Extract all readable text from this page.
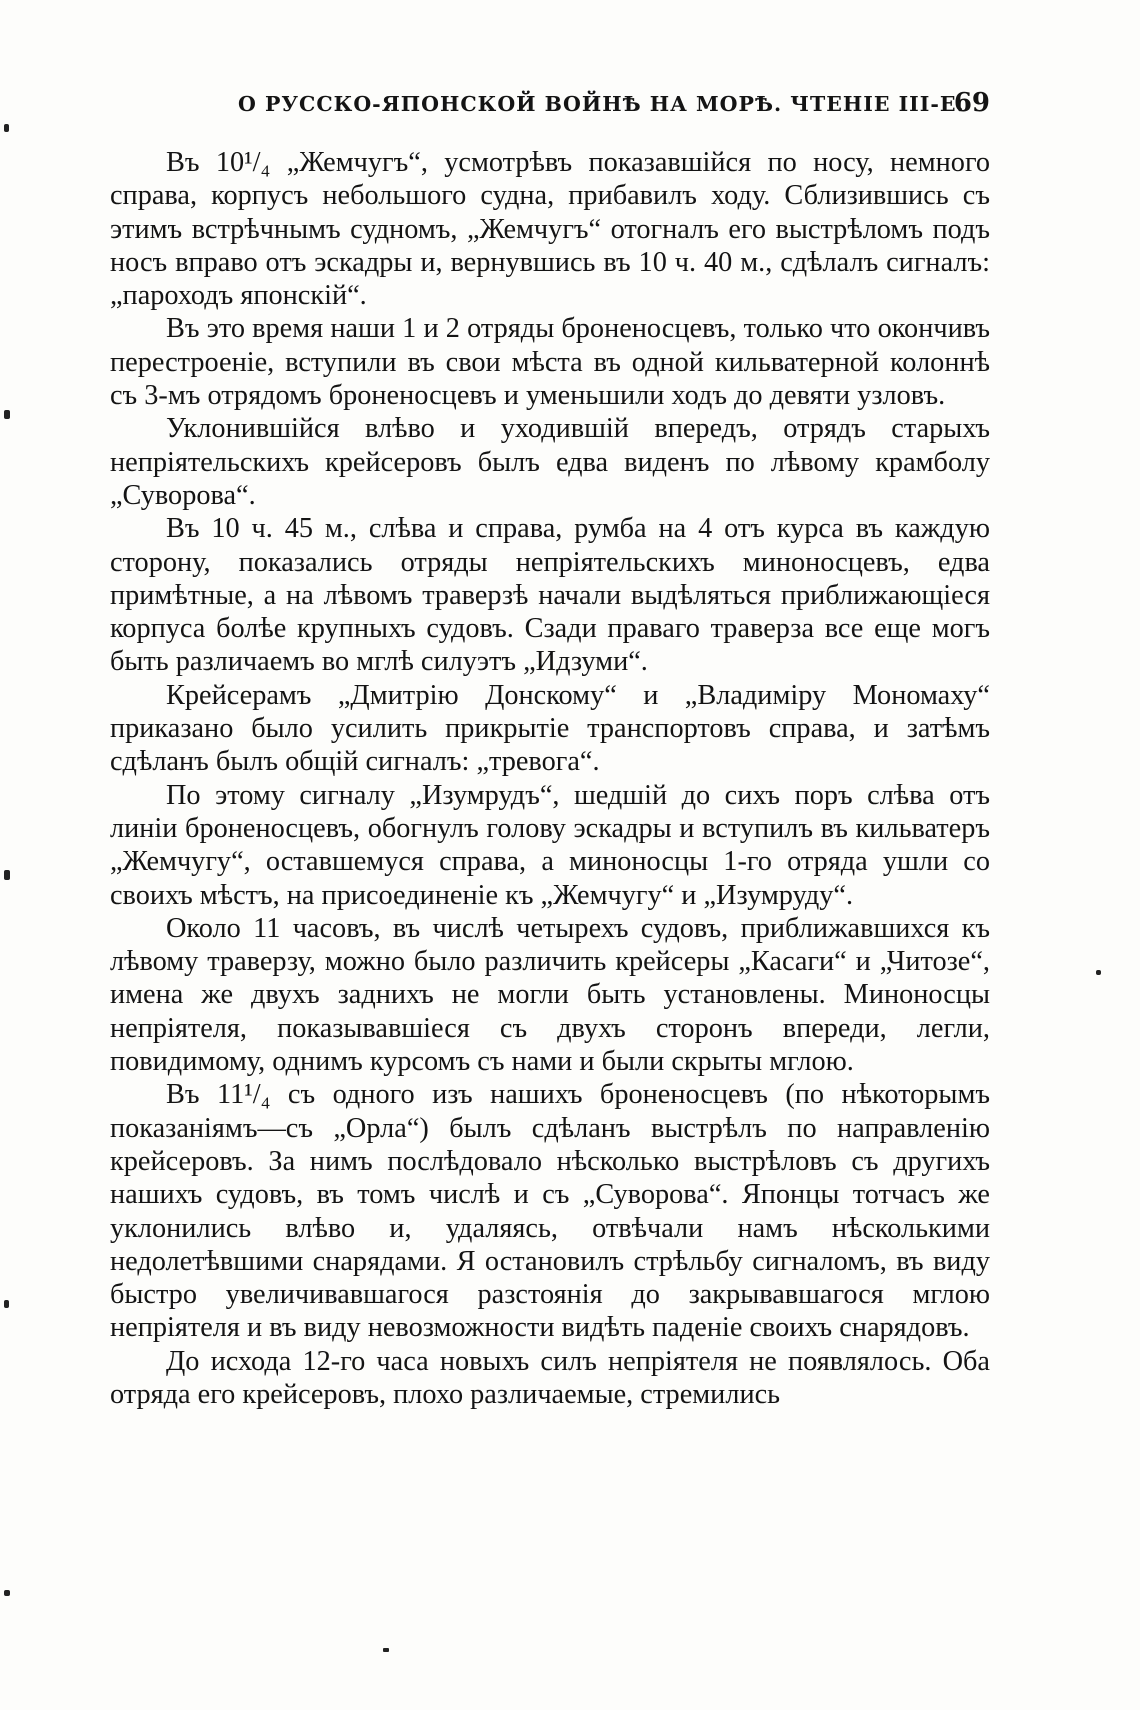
О РУССКО-ЯПОНСКОЙ ВОЙНѢ НА МОРѢ. ЧТЕНІЕ III-Е.
69

Въ 10¹/₄ „Жемчугъ“, усмотрѣвъ показавшійся по носу, немного справа, корпусъ небольшого судна, прибавилъ ходу. Сблизившись съ этимъ встрѣчнымъ судномъ, „Жемчугъ“ отогналъ его выстрѣломъ подъ носъ вправо отъ эскадры и, вернувшись въ 10 ч. 40 м., сдѣлалъ сигналъ: „пароходъ японскій“.

Въ это время наши 1 и 2 отряды броненосцевъ, только что окончивъ перестроеніе, вступили въ свои мѣста въ одной кильватерной колоннѣ съ 3-мъ отрядомъ броненосцевъ и уменьшили ходъ до девяти узловъ.

Уклонившійся влѣво и уходившій впередъ, отрядъ старыхъ непріятельскихъ крейсеровъ былъ едва виденъ по лѣвому крамболу „Суворова“.

Въ 10 ч. 45 м., слѣва и справа, румба на 4 отъ курса въ каждую сторону, показались отряды непріятельскихъ миноносцевъ, едва примѣтные, а на лѣвомъ траверзѣ начали выдѣляться приближающіеся корпуса болѣе крупныхъ судовъ. Сзади праваго траверза все еще могъ быть различаемъ во мглѣ силуэтъ „Идзуми“.

Крейсерамъ „Дмитрію Донскому“ и „Владиміру Мономаху“ приказано было усилить прикрытіе транспортовъ справа, и затѣмъ сдѣланъ былъ общій сигналъ: „тревога“.

По этому сигналу „Изумрудъ“, шедшій до сихъ поръ слѣва отъ линіи броненосцевъ, обогнулъ голову эскадры и вступилъ въ кильватеръ „Жемчугу“, оставшемуся справа, а миноносцы 1-го отряда ушли со своихъ мѣстъ, на присоединеніе къ „Жемчугу“ и „Изумруду“.

Около 11 часовъ, въ числѣ четырехъ судовъ, приближавшихся къ лѣвому траверзу, можно было различить крейсеры „Касаги“ и „Читозе“, имена же двухъ заднихъ не могли быть установлены. Миноносцы непріятеля, показывавшіеся съ двухъ сторонъ впереди, легли, повидимому, однимъ курсомъ съ нами и были скрыты мглою.

Въ 11¹/₄ съ одного изъ нашихъ броненосцевъ (по нѣкоторымъ показаніямъ—съ „Орла“) былъ сдѣланъ выстрѣлъ по направленію крейсеровъ. За нимъ послѣдовало нѣсколько выстрѣловъ съ другихъ нашихъ судовъ, въ томъ числѣ и съ „Суворова“. Японцы тотчасъ же уклонились влѣво и, удаляясь, отвѣчали намъ нѣсколькими недолетѣвшими снарядами. Я остановилъ стрѣльбу сигналомъ, въ виду быстро увеличивавшагося разстоянія до закрывавшагося мглою непріятеля и въ виду невозможности видѣть паденіе своихъ снарядовъ.

До исхода 12-го часа новыхъ силъ непріятеля не появлялось. Оба отряда его крейсеровъ, плохо различаемые, стремились
